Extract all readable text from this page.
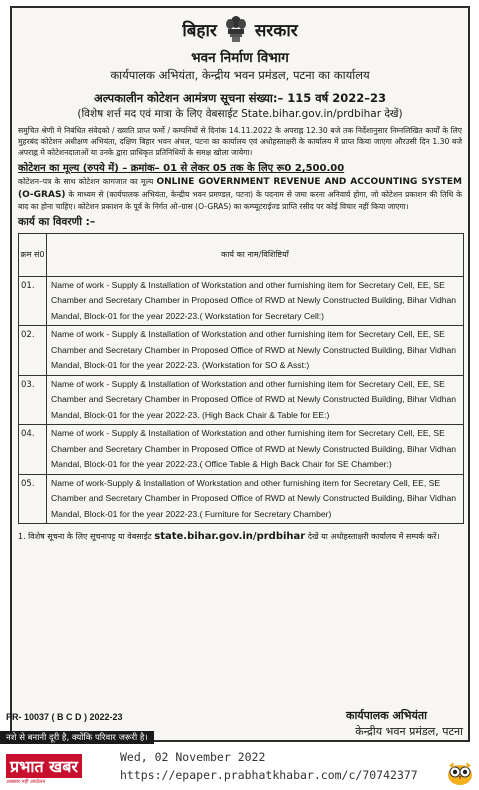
बिहार सरकार
भवन निर्माण विभाग
कार्यपालक अभियंता, केन्द्रीय भवन प्रमंडल, पटना का कार्यालय
अल्पकालीन कोटेशन आमंत्रण सूचना संख्या:– 115 वर्ष 2022–23
(विशेष शर्त्त मद एवं मात्रा के लिए वेबसाईट State.bihar.gov.in/prdbihar देखें)
समुचित श्रेणी मे निबंधित संवेदको / ख्याति प्राप्त फर्मो / कम्पनियों से दिनांक 14.11.2022 के अपराह्न 12.30 बजे तक निर्देशानुसार निम्नलिखित कार्यों के लिए मुहरबंद कोटेशन अधीक्षण अभियंता, दक्षिण बिहार भवन अंचल, पटना का कार्यालय एवं अधोहस्ताक्षरी के कार्यालय में प्राप्त किया जाएगा औरउसी दिन 1.30 बजे अपराह्न मे कोटेशनदाताओं या उनके द्वारा प्राधिकृत प्रतिनिधियों के समक्ष खोला जायेगा।
कोटेशन का मूल्य (रुपये में) – क्रमांक– 01 से लेकर 05 तक के लिए रू0 2,500.00
कोटेशन–पत्र के साथ कोटेशन कागजात का मूल्य ONLINE GOVERNMENT REVENUE AND ACCOUNTING SYSTEM (O-GRAS) के माध्यम से (कार्यपालक अभियंता, केन्द्रीय भवन प्रमण्डल, पटना) के पदनाम से जमा करना अनिवार्य होगा, जो कोटेशन प्रकाशन की तिथि के बाद का होना चाहिए। कोटेशन प्रकाशन के पूर्व के निर्गत ओ–ग्रास (O-GRAS) का कम्प्यूटराईज्ड प्राप्ति रसीद पर कोई विचार नहीं किया जाएगा।
कार्य का विवरणी :–
क्रम सं0	कार्य का नाम/विशिष्टियाँ
01.	Name of work - Supply & Installation of Workstation and other furnishing item for Secretary Cell, EE, SE Chamber and Secretary Chamber in Proposed Office of RWD at Newly Constructed Building, Bihar Vidhan Mandal, Block-01 for the year 2022-23.( Workstation for Secretary Cell:)
02.	Name of work - Supply & Installation of Workstation and other furnishing item for Secretary Cell, EE, SE Chamber and Secretary Chamber in Proposed Office of RWD at Newly Constructed Building, Bihar Vidhan Mandal, Block-01 for the year 2022-23. (Workstation for SO & Asst:)
03.	Name of work - Supply & Installation of Workstation and other furnishing item for Secretary Cell, EE, SE Chamber and Secretary Chamber in Proposed Office of RWD at Newly Constructed Building, Bihar Vidhan Mandal, Block-01 for the year 2022-23. (High Back Chair & Table for EE:)
04.	Name of work - Supply & Installation of Workstation and other furnishing item for Secretary Cell, EE, SE Chamber and Secretary Chamber in Proposed Office of RWD at Newly Constructed Building, Bihar Vidhan Mandal, Block-01 for the year 2022-23.( Office Table & High Back Chair for SE Chamber:)
05.	Name of work-Supply & Installation of Workstation and other furnishing item for Secretary Cell, EE, SE Chamber and Secretary Chamber in Proposed Office of RWD at Newly Constructed Building, Bihar Vidhan Mandal, Block-01 for the year 2022-23.( Furniture for Secretary Chamber)
1. विशेष सूचना के लिए सूचनापट्ट या वेबसाईट state.bihar.gov.in/prdbihar देखें या अधोहस्ताक्षरी कार्यालय में सम्पर्क करें।
PR- 10037 ( B C D ) 2022-23	कार्यपालक अभियंता
केन्द्रीय भवन प्रमंडल, पटना
नशे से बनानी दूरी है, क्योंकि परिवार जरूरी है।
प्रभात खबर
अखबार नहीं आंदोलन
Wed, 02 November 2022
https://epaper.prabhatkhabar.com/c/70742377
